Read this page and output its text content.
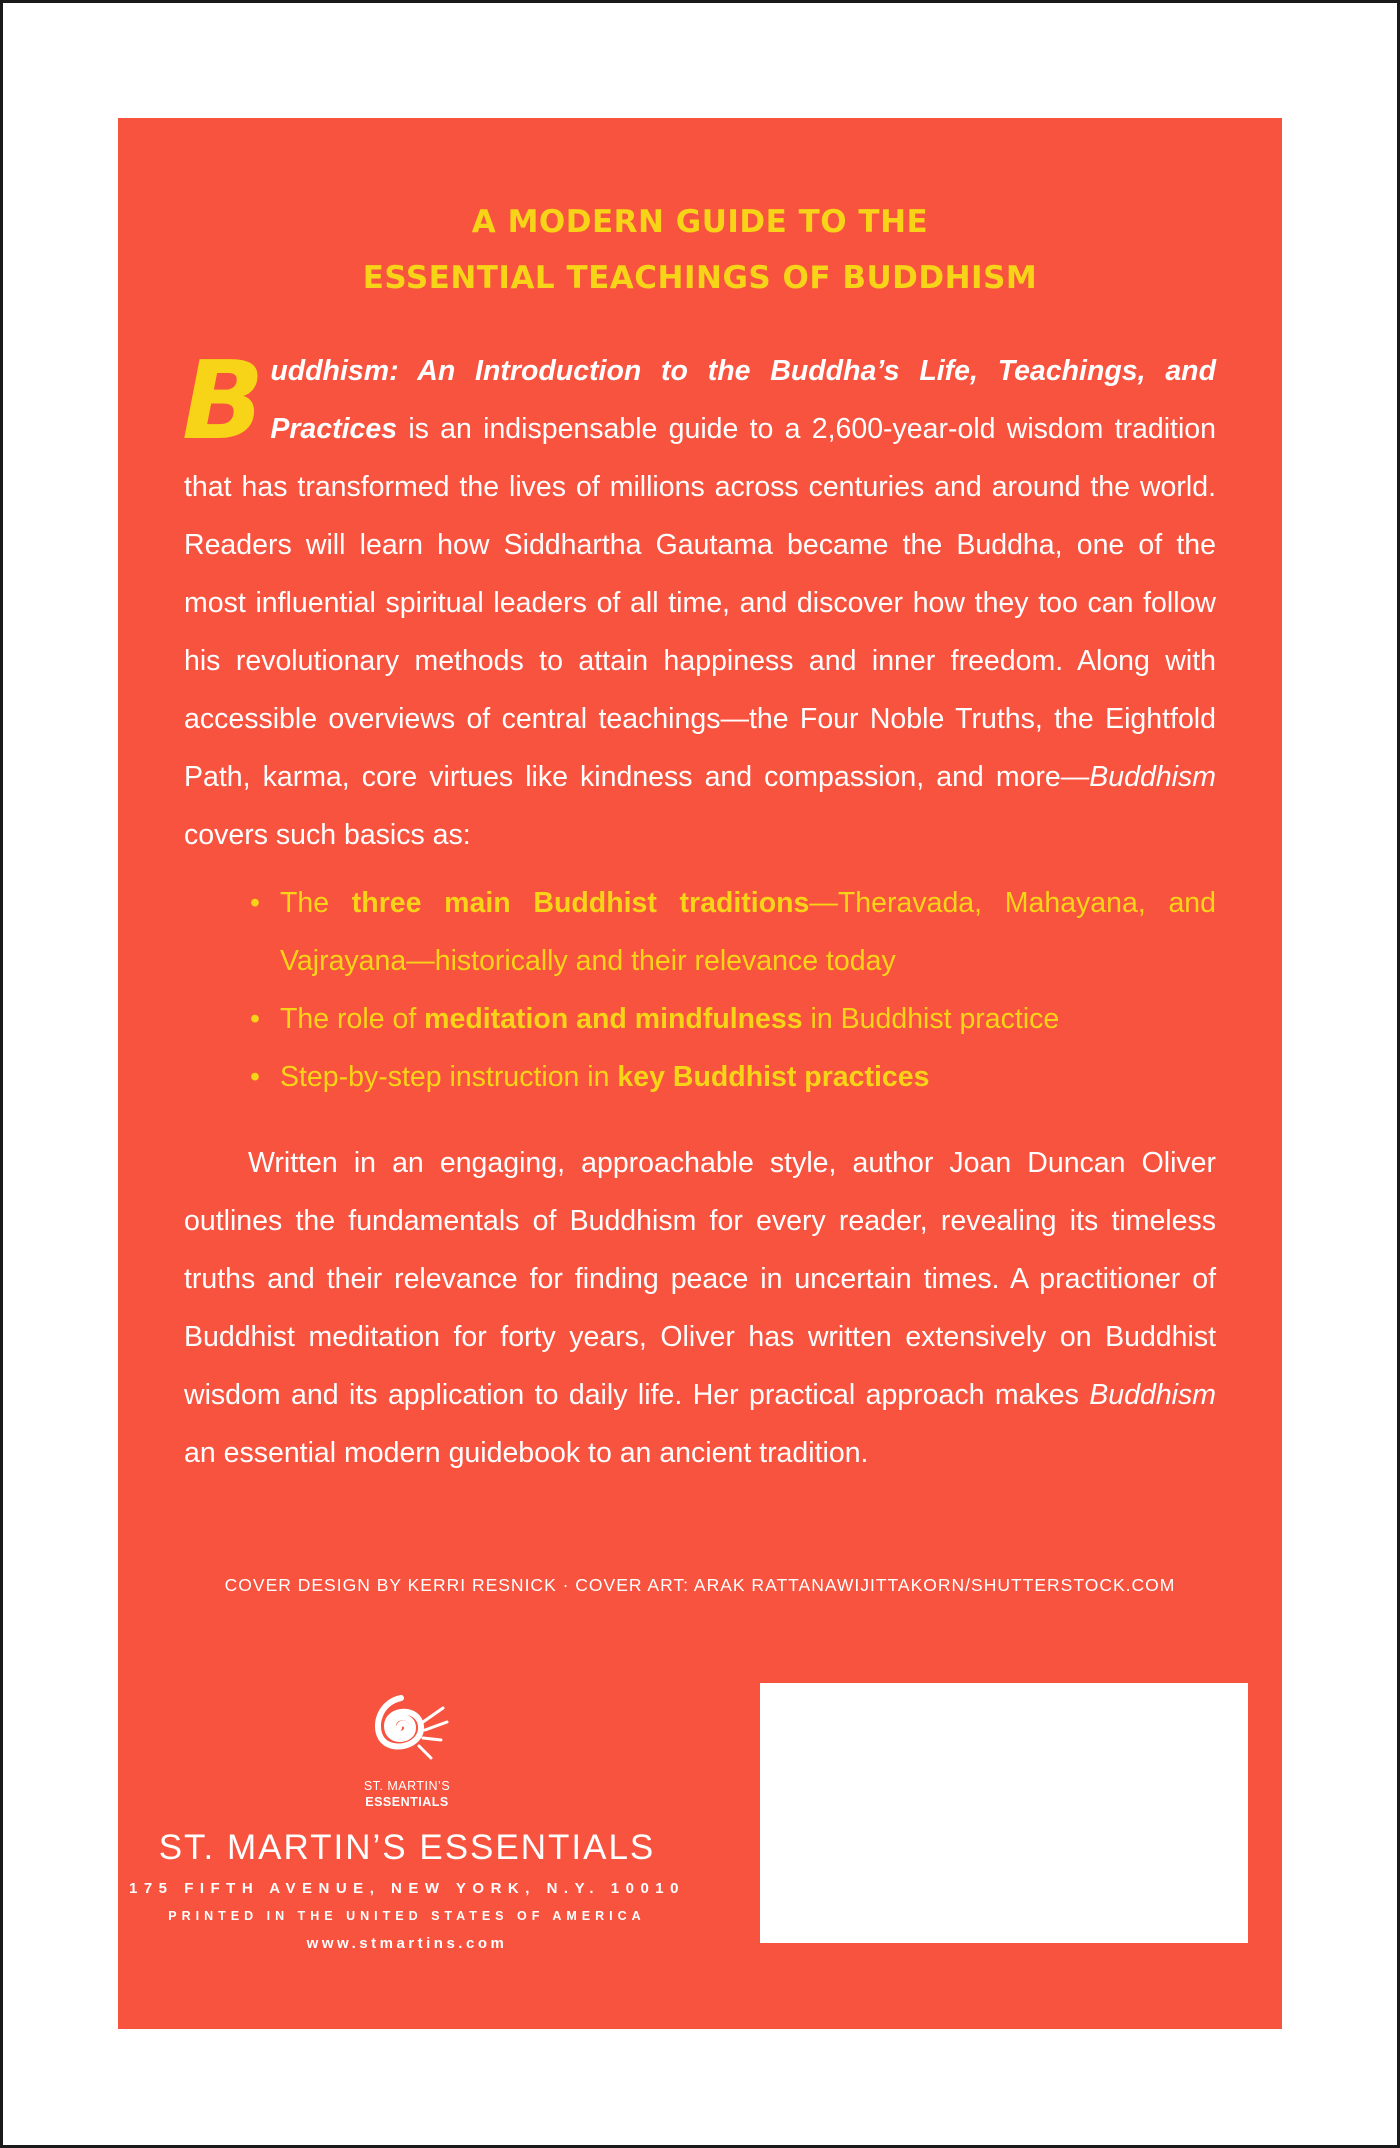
A MODERN GUIDE TO THE
ESSENTIAL TEACHINGS OF BUDDHISM

Buddhism: An Introduction to the Buddha’s Life, Teachings, and Practices is an indispensable guide to a 2,600-year-old wisdom tradition that has transformed the lives of millions across centuries and around the world. Readers will learn how Siddhartha Gautama became the Buddha, one of the most influential spiritual leaders of all time, and discover how they too can follow his revolutionary methods to attain happiness and inner freedom. Along with accessible overviews of central teachings—the Four Noble Truths, the Eightfold Path, karma, core virtues like kindness and compassion, and more—Buddhism covers such basics as:

• The three main Buddhist traditions—Theravada, Mahayana, and Vajrayana—historically and their relevance today
• The role of meditation and mindfulness in Buddhist practice
• Step-by-step instruction in key Buddhist practices

Written in an engaging, approachable style, author Joan Duncan Oliver outlines the fundamentals of Buddhism for every reader, revealing its timeless truths and their relevance for finding peace in uncertain times. A practitioner of Buddhist meditation for forty years, Oliver has written extensively on Buddhist wisdom and its application to daily life. Her practical approach makes Buddhism an essential modern guidebook to an ancient tradition.

COVER DESIGN BY KERRI RESNICK · COVER ART: ARAK RATTANAWIJITTAKORN/SHUTTERSTOCK.COM
ST. MARTIN’S
ESSENTIALS
ST. MARTIN’S ESSENTIALS
175 FIFTH AVENUE, NEW YORK, N.Y. 10010
PRINTED IN THE UNITED STATES OF AMERICA
www.stmartins.com
